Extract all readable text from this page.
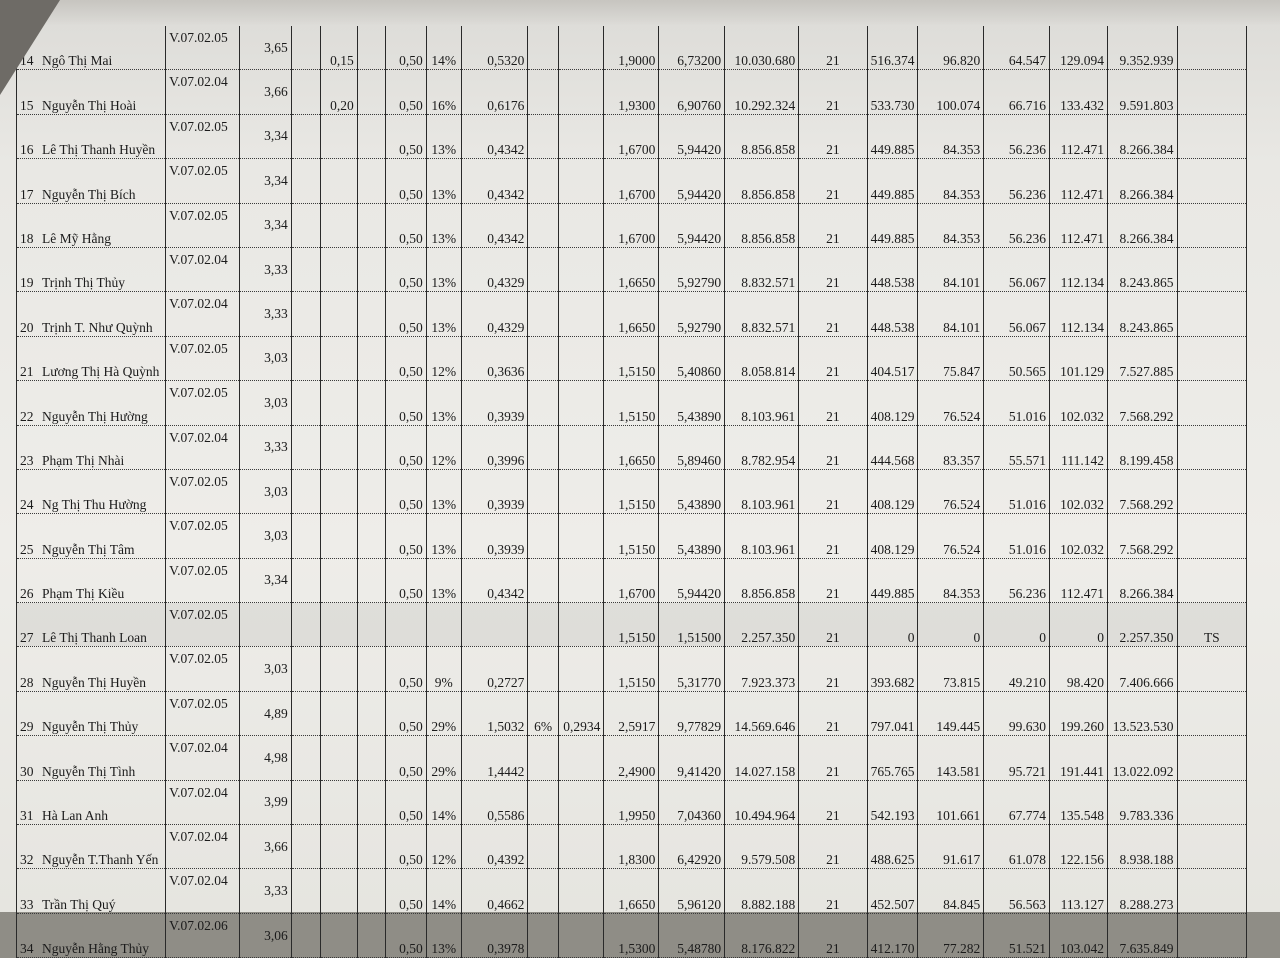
14 Ngô Thị Mai	V.07.02.05	3,65		0,15		0,50	14%	0,5320			1,9000	6,73200	10.030.680	21	516.374	96.820	64.547	129.094	9.352.939	
15 Nguyễn Thị Hoài	V.07.02.04	3,66		0,20		0,50	16%	0,6176			1,9300	6,90760	10.292.324	21	533.730	100.074	66.716	133.432	9.591.803	
16 Lê Thị Thanh Huyền	V.07.02.05	3,34				0,50	13%	0,4342			1,6700	5,94420	8.856.858	21	449.885	84.353	56.236	112.471	8.266.384	
17 Nguyễn Thị Bích	V.07.02.05	3,34				0,50	13%	0,4342			1,6700	5,94420	8.856.858	21	449.885	84.353	56.236	112.471	8.266.384	
18 Lê Mỹ Hằng	V.07.02.05	3,34				0,50	13%	0,4342			1,6700	5,94420	8.856.858	21	449.885	84.353	56.236	112.471	8.266.384	
19 Trịnh Thị Thủy	V.07.02.04	3,33				0,50	13%	0,4329			1,6650	5,92790	8.832.571	21	448.538	84.101	56.067	112.134	8.243.865	
20 Trịnh T. Như Quỳnh	V.07.02.04	3,33				0,50	13%	0,4329			1,6650	5,92790	8.832.571	21	448.538	84.101	56.067	112.134	8.243.865	
21 Lương Thị Hà Quỳnh	V.07.02.05	3,03				0,50	12%	0,3636			1,5150	5,40860	8.058.814	21	404.517	75.847	50.565	101.129	7.527.885	
22 Nguyễn Thị Hường	V.07.02.05	3,03				0,50	13%	0,3939			1,5150	5,43890	8.103.961	21	408.129	76.524	51.016	102.032	7.568.292	
23 Phạm Thị Nhài	V.07.02.04	3,33				0,50	12%	0,3996			1,6650	5,89460	8.782.954	21	444.568	83.357	55.571	111.142	8.199.458	
24 Ng Thị Thu Hường	V.07.02.05	3,03				0,50	13%	0,3939			1,5150	5,43890	8.103.961	21	408.129	76.524	51.016	102.032	7.568.292	
25 Nguyễn Thị Tâm	V.07.02.05	3,03				0,50	13%	0,3939			1,5150	5,43890	8.103.961	21	408.129	76.524	51.016	102.032	7.568.292	
26 Phạm Thị Kiều	V.07.02.05	3,34				0,50	13%	0,4342			1,6700	5,94420	8.856.858	21	449.885	84.353	56.236	112.471	8.266.384	
27 Lê Thị Thanh Loan	V.07.02.05										1,5150	1,51500	2.257.350	21	0	0	0	0	2.257.350	TS
28 Nguyễn Thị Huyền	V.07.02.05	3,03				0,50	9%	0,2727			1,5150	5,31770	7.923.373	21	393.682	73.815	49.210	98.420	7.406.666	
29 Nguyễn Thị Thủy	V.07.02.05	4,89				0,50	29%	1,5032	6%	0,2934	2,5917	9,77829	14.569.646	21	797.041	149.445	99.630	199.260	13.523.530	
30 Nguyễn Thị Tình	V.07.02.04	4,98				0,50	29%	1,4442			2,4900	9,41420	14.027.158	21	765.765	143.581	95.721	191.441	13.022.092	
31 Hà Lan Anh	V.07.02.04	3,99				0,50	14%	0,5586			1,9950	7,04360	10.494.964	21	542.193	101.661	67.774	135.548	9.783.336	
32 Nguyễn T.Thanh Yến	V.07.02.04	3,66				0,50	12%	0,4392			1,8300	6,42920	9.579.508	21	488.625	91.617	61.078	122.156	8.938.188	
33 Trần Thị Quý	V.07.02.04	3,33				0,50	14%	0,4662			1,6650	5,96120	8.882.188	21	452.507	84.845	56.563	113.127	8.288.273	
34 Nguyễn Hằng Thủy	V.07.02.06	3,06				0,50	13%	0,3978			1,5300	5,48780	8.176.822	21	412.170	77.282	51.521	103.042	7.635.849	
